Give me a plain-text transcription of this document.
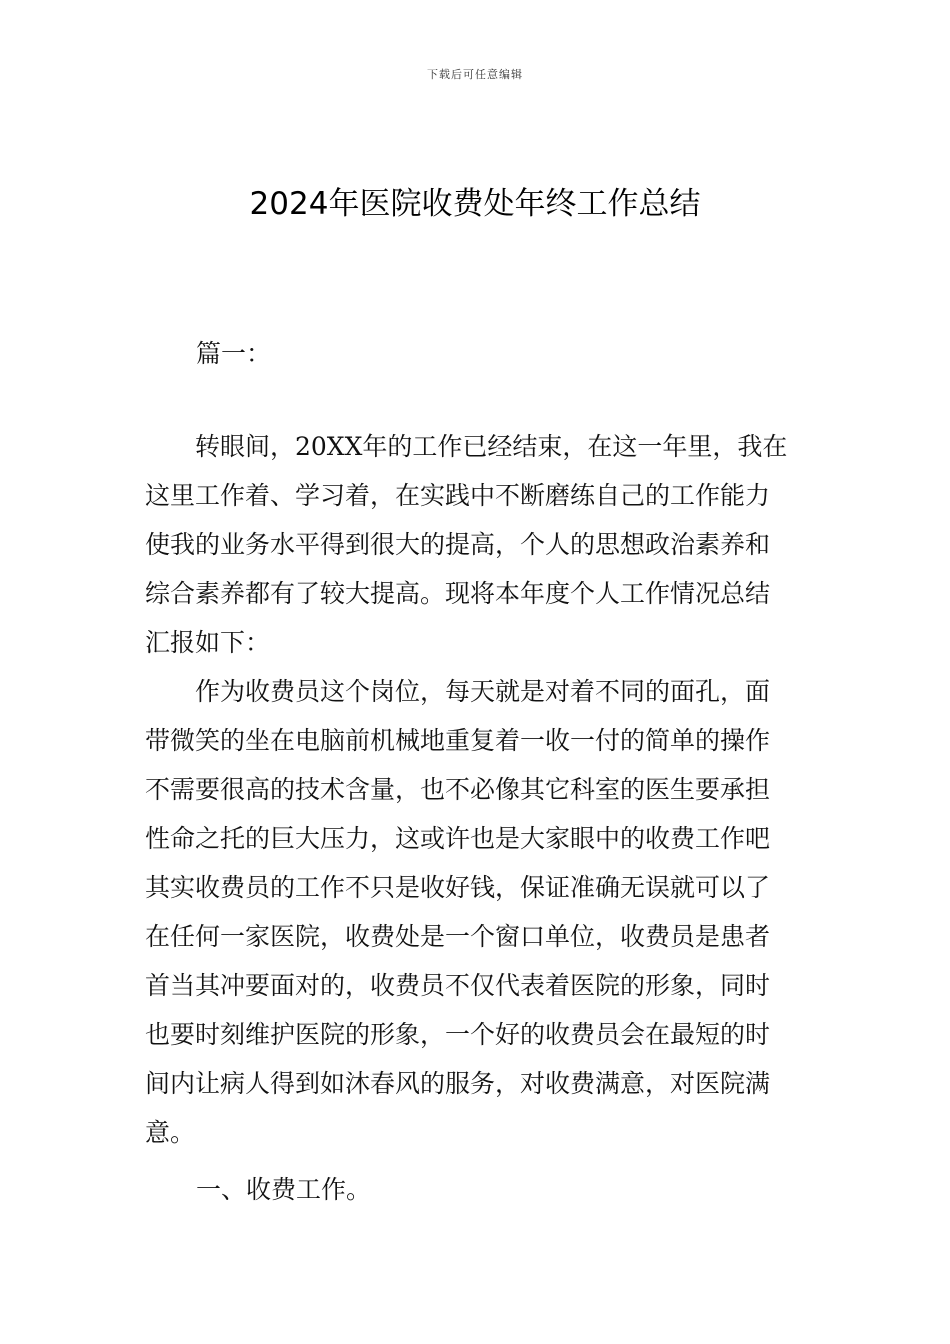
下载后可任意编辑
2024年医院收费处年终工作总结
篇一：
转眼间，20XX年的工作已经结束，在这一年里，我在
这里工作着、学习着，在实践中不断磨练自己的工作能力
使我的业务水平得到很大的提高，个人的思想政治素养和
综合素养都有了较大提高。现将本年度个人工作情况总结
汇报如下：
作为收费员这个岗位，每天就是对着不同的面孔，面
带微笑的坐在电脑前机械地重复着一收一付的简单的操作
不需要很高的技术含量，也不必像其它科室的医生要承担
性命之托的巨大压力，这或许也是大家眼中的收费工作吧
其实收费员的工作不只是收好钱，保证准确无误就可以了
在任何一家医院，收费处是一个窗口单位，收费员是患者
首当其冲要面对的，收费员不仅代表着医院的形象，同时
也要时刻维护医院的形象，一个好的收费员会在最短的时
间内让病人得到如沐春风的服务，对收费满意，对医院满
意。
一、收费工作。
